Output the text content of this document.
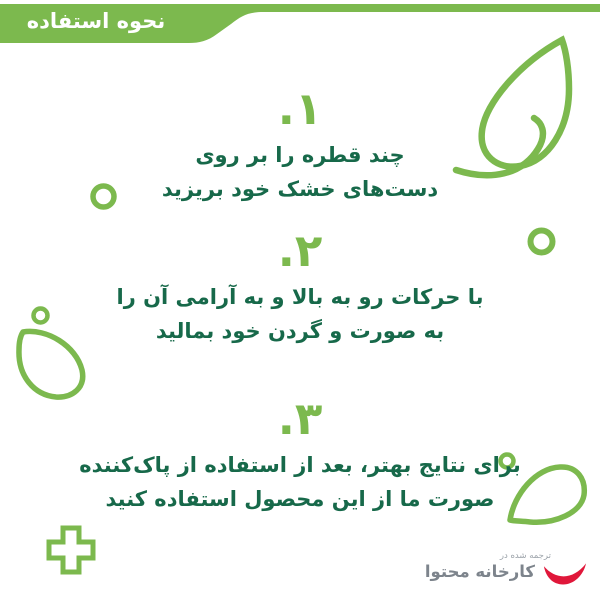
نحوه استفاده
۱.
چند قطره را بر روی
دست‌های خشک خود بریزید
۲.
با حرکات رو به بالا و به آرامی آن را
به صورت و گردن خود بمالید
۳.
برای نتایج بهتر، بعد از استفاده از پاک‌کننده
صورت ما از این محصول استفاده کنید
ترجمه شده در
کارخانه محتوا
